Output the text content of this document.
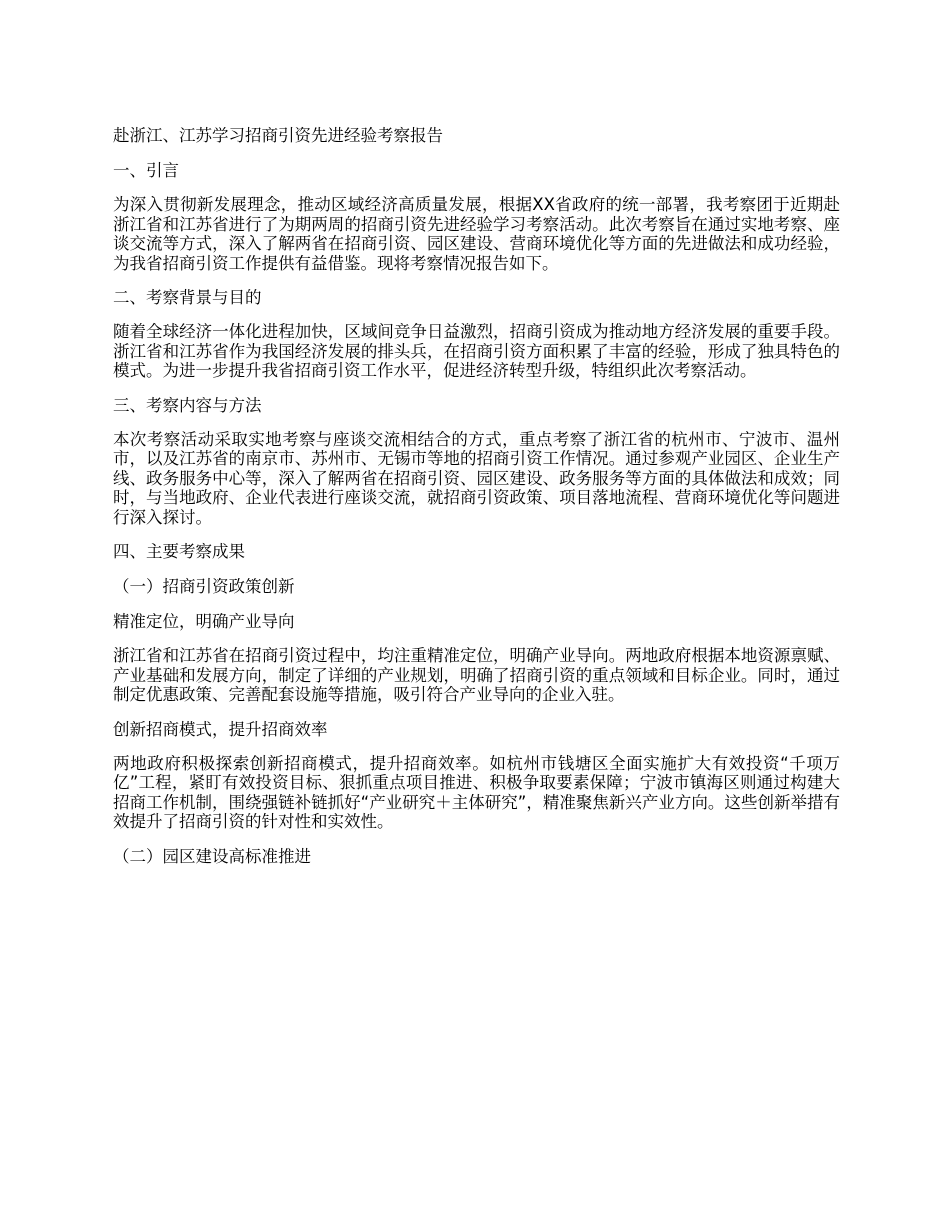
赴浙江、江苏学习招商引资先进经验考察报告
一、引言
为深入贯彻新发展理念，推动区域经济高质量发展，根据XX省政府的统一部署，我考察团于近期赴浙江省和江苏省进行了为期两周的招商引资先进经验学习考察活动。此次考察旨在通过实地考察、座谈交流等方式，深入了解两省在招商引资、园区建设、营商环境优化等方面的先进做法和成功经验，为我省招商引资工作提供有益借鉴。现将考察情况报告如下。
二、考察背景与目的
随着全球经济一体化进程加快，区域间竞争日益激烈，招商引资成为推动地方经济发展的重要手段。浙江省和江苏省作为我国经济发展的排头兵，在招商引资方面积累了丰富的经验，形成了独具特色的模式。为进一步提升我省招商引资工作水平，促进经济转型升级，特组织此次考察活动。
三、考察内容与方法
本次考察活动采取实地考察与座谈交流相结合的方式，重点考察了浙江省的杭州市、宁波市、温州市，以及江苏省的南京市、苏州市、无锡市等地的招商引资工作情况。通过参观产业园区、企业生产线、政务服务中心等，深入了解两省在招商引资、园区建设、政务服务等方面的具体做法和成效；同时，与当地政府、企业代表进行座谈交流，就招商引资政策、项目落地流程、营商环境优化等问题进行深入探讨。
四、主要考察成果
（一）招商引资政策创新
精准定位，明确产业导向
浙江省和江苏省在招商引资过程中，均注重精准定位，明确产业导向。两地政府根据本地资源禀赋、产业基础和发展方向，制定了详细的产业规划，明确了招商引资的重点领域和目标企业。同时，通过制定优惠政策、完善配套设施等措施，吸引符合产业导向的企业入驻。
创新招商模式，提升招商效率
两地政府积极探索创新招商模式，提升招商效率。如杭州市钱塘区全面实施扩大有效投资“千项万亿”工程，紧盯有效投资目标、狠抓重点项目推进、积极争取要素保障；宁波市镇海区则通过构建大招商工作机制，围绕强链补链抓好“产业研究＋主体研究”，精准聚焦新兴产业方向。这些创新举措有效提升了招商引资的针对性和实效性。
（二）园区建设高标准推进
